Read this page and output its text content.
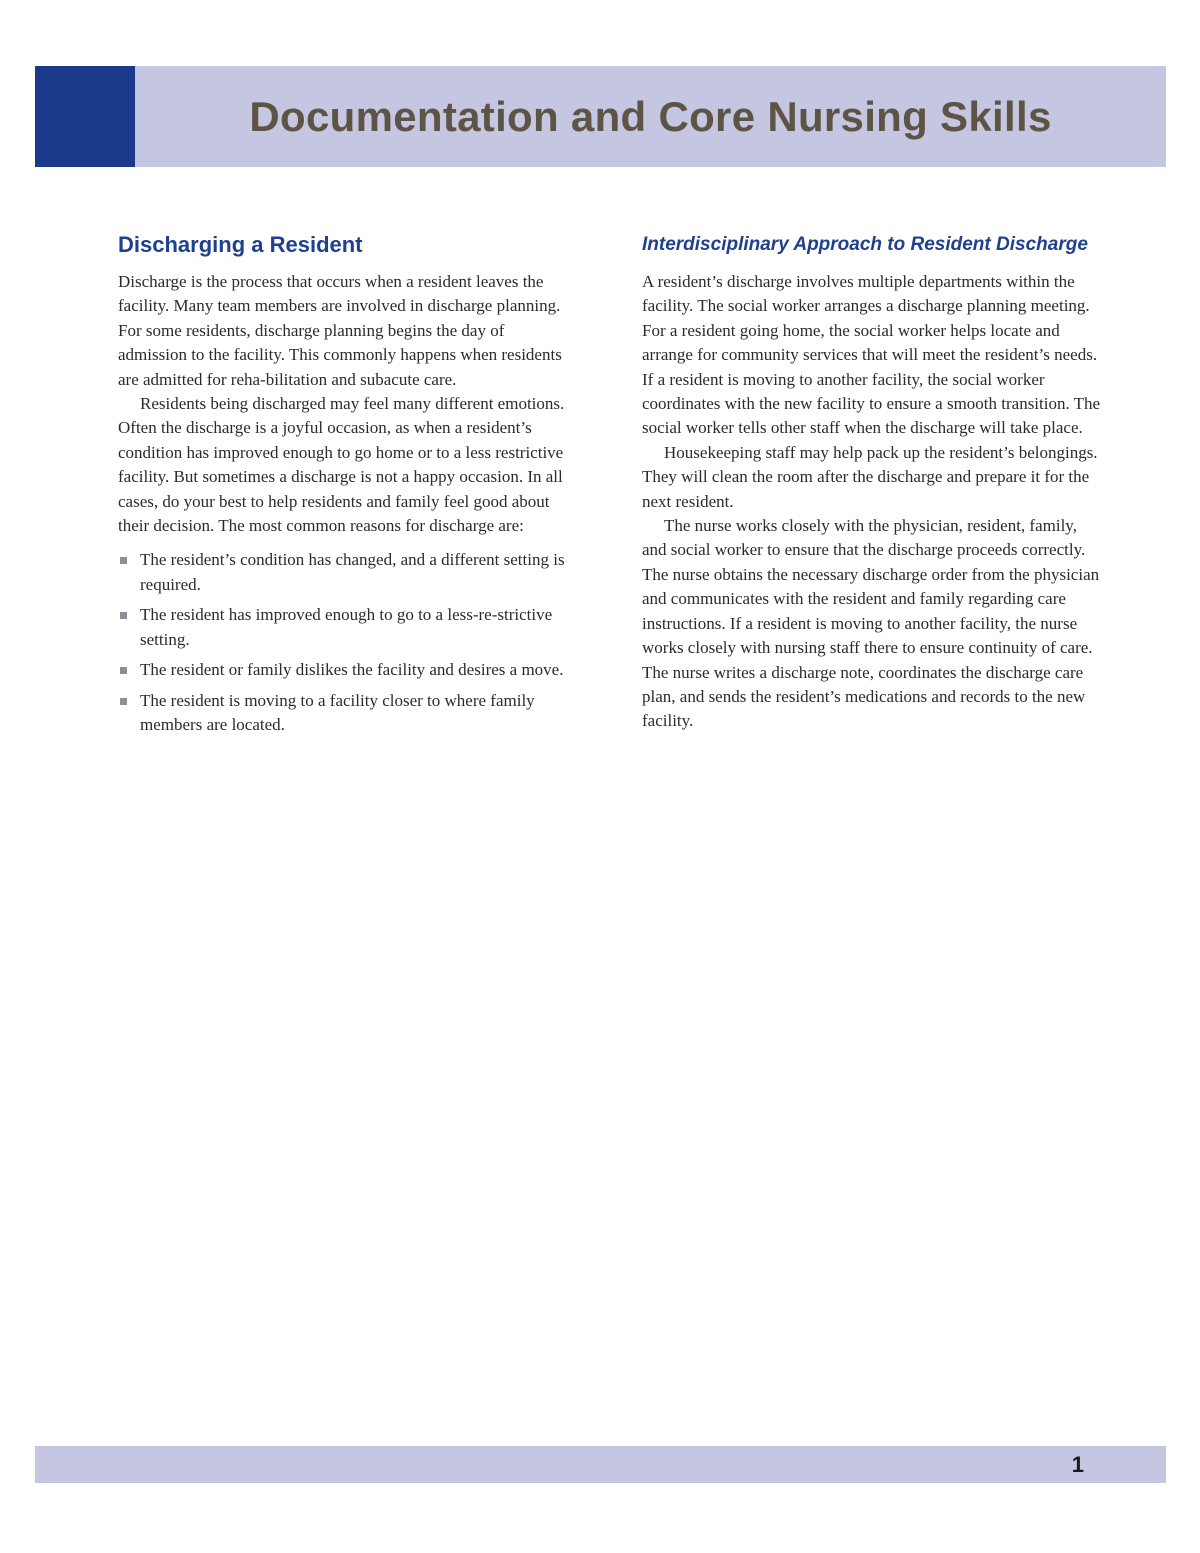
Documentation and Core Nursing Skills
Discharging a Resident

Discharge is the process that occurs when a resident leaves the facility. Many team members are involved in discharge planning. For some residents, discharge planning begins the day of admission to the facility. This commonly happens when residents are admitted for reha-bilitation and subacute care.

Residents being discharged may feel many different emotions. Often the discharge is a joyful occasion, as when a resident’s condition has improved enough to go home or to a less restrictive facility. But sometimes a discharge is not a happy occasion. In all cases, do your best to help residents and family feel good about their decision. The most common reasons for discharge are:

The resident’s condition has changed, and a different setting is required.
The resident has improved enough to go to a less-re-strictive setting.
The resident or family dislikes the facility and desires a move.
The resident is moving to a facility closer to where family members are located.
Interdisciplinary Approach to Resident Discharge

A resident’s discharge involves multiple departments within the facility. The social worker arranges a discharge planning meeting. For a resident going home, the social worker helps locate and arrange for community services that will meet the resident’s needs. If a resident is moving to another facility, the social worker coordinates with the new facility to ensure a smooth transition. The social worker tells other staff when the discharge will take place.

Housekeeping staff may help pack up the resident’s belongings. They will clean the room after the discharge and prepare it for the next resident.

The nurse works closely with the physician, resident, family, and social worker to ensure that the discharge proceeds correctly. The nurse obtains the necessary discharge order from the physician and communicates with the resident and family regarding care instructions. If a resident is moving to another facility, the nurse works closely with nursing staff there to ensure continuity of care. The nurse writes a discharge note, coordinates the discharge care plan, and sends the resident’s medications and records to the new facility.

1
